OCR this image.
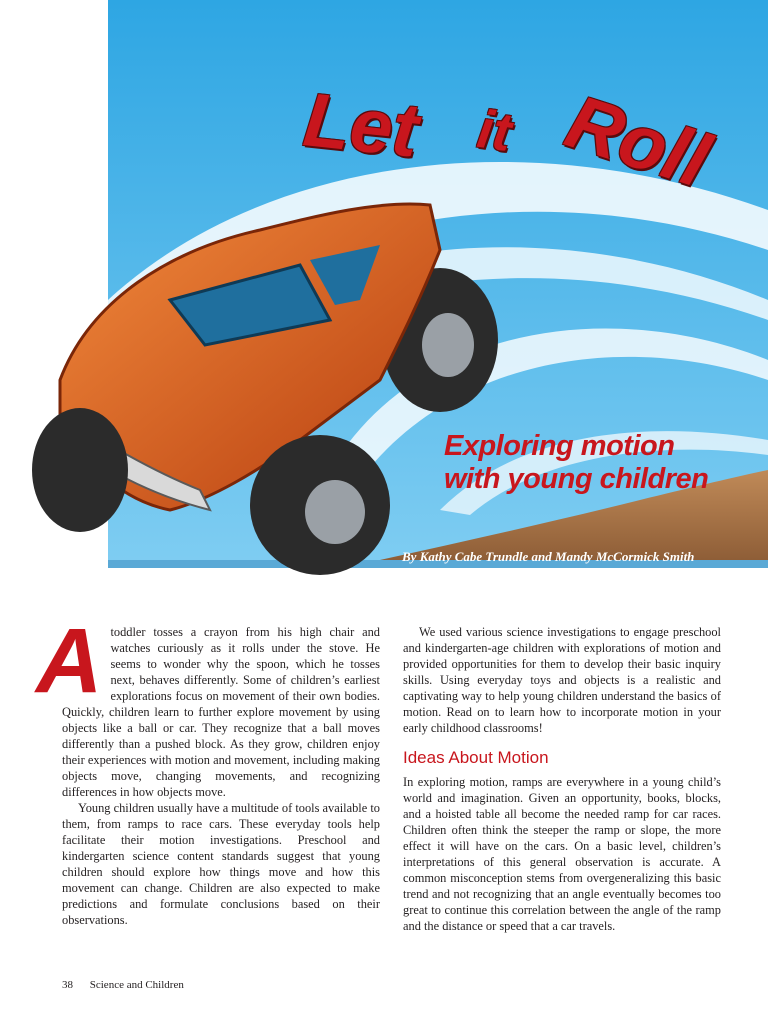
Let it Roll
Exploring motion
with young children
By Kathy Cabe Trundle and Mandy McCormick Smith

Atoddler tosses a crayon from his high chair and watches curiously as it rolls under the stove. He seems to wonder why the spoon, which he tosses next, behaves differently. Some of children’s earliest explorations focus on movement of their own bodies. Quickly, children learn to further explore movement by using objects like a ball or car. They recognize that a ball moves differently than a pushed block. As they grow, children enjoy their experiences with motion and movement, including making objects move, changing movements, and recognizing differences in how objects move.

Young children usually have a multitude of tools available to them, from ramps to race cars. These everyday tools help facilitate their motion investigations. Preschool and kindergarten science content standards suggest that young children should explore how things move and how this movement can change. Children are also expected to make predictions and formulate conclusions based on their observations.

We used various science investigations to engage preschool and kindergarten-age children with explorations of motion and provided opportunities for them to develop their basic inquiry skills. Using everyday toys and objects is a realistic and captivating way to help young children understand the basics of motion. Read on to learn how to incorporate motion in your early childhood classrooms!

Ideas About Motion

In exploring motion, ramps are everywhere in a young child’s world and imagination. Given an opportunity, books, blocks, and a hoisted table all become the needed ramp for car races. Children often think the steeper the ramp or slope, the more effect it will have on the cars. On a basic level, children’s interpretations of this general observation is accurate. A common misconception stems from overgeneralizing this basic trend and not recognizing that an angle eventually becomes too great to continue this correlation between the angle of the ramp and the distance or speed that a car travels.

38 Science and Children
